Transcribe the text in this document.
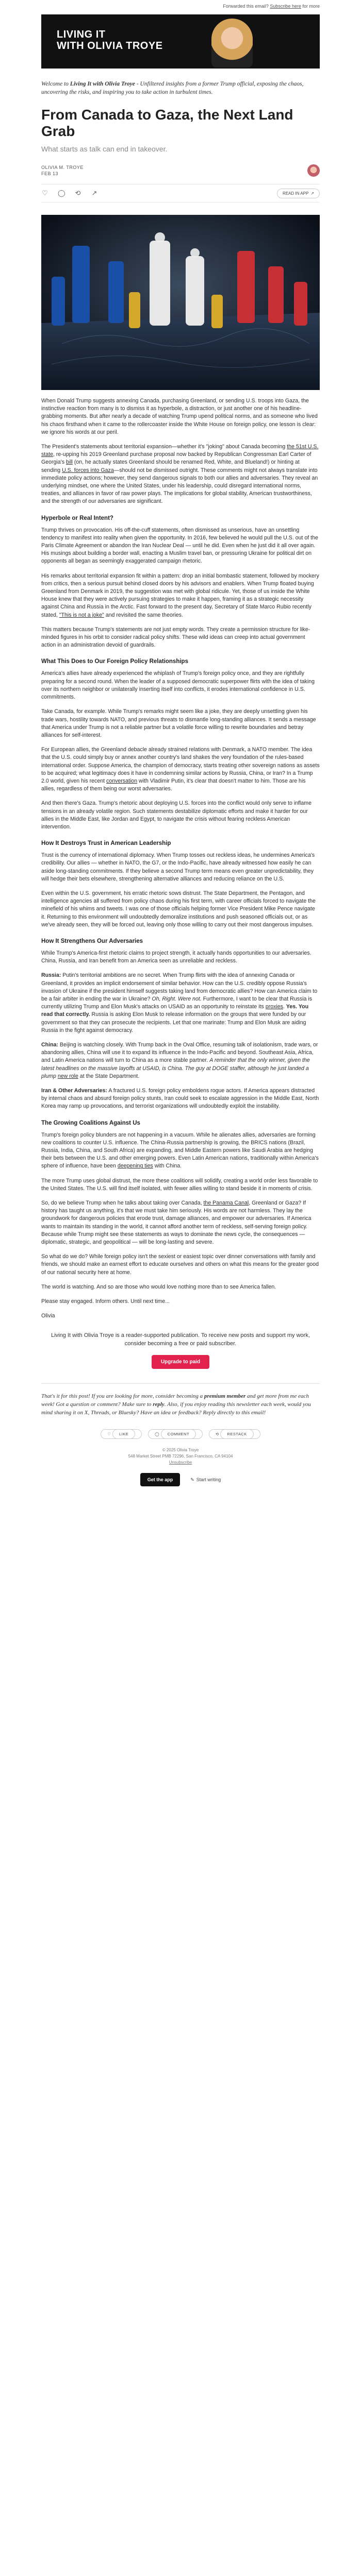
Forwarded this email?
Subscribe here
for more
LIVING IT
WITH OLIVIA TROYE

Welcome to Living It with Olivia Troye - Unfiltered insights from a former Trump official, exposing the chaos, uncovering the risks, and inspiring you to take action in turbulent times.

From Canada to Gaza, the Next Land Grab
What starts as talk can end in takeover.
OLIVIA M. TROYE
FEB 13
♡ ◯ ⟲ ↗	READ IN APP ↗

When Donald Trump suggests annexing Canada, purchasing Greenland, or sending U.S. troops into Gaza, the instinctive reaction from many is to dismiss it as hyperbole, a distraction, or just another one of his headline-grabbing moments. But after nearly a decade of watching Trump upend political norms, and as someone who lived his chaos firsthand when it came to the rollercoaster inside the White House on foreign policy, one lesson is clear: we ignore his words at our peril.

The President's statements about territorial expansion—whether it's "joking" about Canada becoming the 51st U.S. state, re-upping his 2019 Greenland purchase proposal now backed by Republican Congressman Earl Carter of Georgia's bill (on, he actually states Greenland should be renamed Red, White, and Blueland!) or hinting at sending U.S. forces into Gaza—should not be dismissed outright. These comments might not always translate into immediate policy actions; however, they send dangerous signals to both our allies and adversaries. They reveal an underlying mindset, one where the United States, under his leadership, could disregard international norms, treaties, and alliances in favor of raw power plays. The implications for global stability, American trustworthiness, and the strength of our adversaries are significant.

Hyperbole or Real Intent?

Trump thrives on provocation. His off-the-cuff statements, often dismissed as unserious, have an unsettling tendency to manifest into reality when given the opportunity. In 2016, few believed he would pull the U.S. out of the Paris Climate Agreement or abandon the Iran Nuclear Deal — until he did. Even when he just did it all over again. His musings about building a border wall, enacting a Muslim travel ban, or pressuring Ukraine for political dirt on opponents all began as seemingly exaggerated campaign rhetoric.

His remarks about territorial expansion fit within a pattern: drop an initial bombastic statement, followed by mockery from critics, then a serious pursuit behind closed doors by his advisors and enablers. When Trump floated buying Greenland from Denmark in 2019, the suggestion was met with global ridicule. Yet, those of us inside the White House knew that they were actively pursuing strategies to make it happen, framing it as a strategic necessity against China and Russia in the Arctic. Fast forward to the present day, Secretary of State Marco Rubio recently stated, "This is not a joke" and revisited the same theories.

This matters because Trump's statements are not just empty words. They create a permission structure for like-minded figures in his orbit to consider radical policy shifts. These wild ideas can creep into actual government action in an administration devoid of guardrails.

What This Does to Our Foreign Policy Relationships

America's allies have already experienced the whiplash of Trump's foreign policy once, and they are rightfully preparing for a second round. When the leader of a supposed democratic superpower flirts with the idea of taking over its northern neighbor or unilaterally inserting itself into conflicts, it erodes international confidence in U.S. commitments.

Take Canada, for example. While Trump's remarks might seem like a joke, they are deeply unsettling given his trade wars, hostility towards NATO, and previous threats to dismantle long-standing alliances. It sends a message that America under Trump is not a reliable partner but a volatile force willing to rewrite boundaries and betray alliances for self-interest.

For European allies, the Greenland debacle already strained relations with Denmark, a NATO member. The idea that the U.S. could simply buy or annex another country's land shakes the very foundation of the rules-based international order. Suppose America, the champion of democracy, starts treating other sovereign nations as assets to be acquired; what legitimacy does it have in condemning similar actions by Russia, China, or Iran? In a Trump 2.0 world, given his recent conversation with Vladimir Putin, it's clear that doesn't matter to him. Those are his allies, regardless of them being our worst adversaries.

And then there's Gaza. Trump's rhetoric about deploying U.S. forces into the conflict would only serve to inflame tensions in an already volatile region. Such statements destabilize diplomatic efforts and make it harder for our allies in the Middle East, like Jordan and Egypt, to navigate the crisis without fearing reckless American intervention.

How It Destroys Trust in American Leadership

Trust is the currency of international diplomacy. When Trump tosses out reckless ideas, he undermines America's credibility. Our allies — whether in NATO, the G7, or the Indo-Pacific, have already witnessed how easily he can aside long-standing commitments. If they believe a second Trump term means even greater unpredictability, they will hedge their bets elsewhere, strengthening alternative alliances and reducing reliance on the U.S.

Even within the U.S. government, his erratic rhetoric sows distrust. The State Department, the Pentagon, and intelligence agencies all suffered from policy chaos during his first term, with career officials forced to navigate the minefield of his whims and tweets. I was one of those officials helping former Vice President Mike Pence navigate it. Returning to this environment will undoubtedly demoralize institutions and push seasoned officials out, or as we've already seen, they will be forced out, leaving only those willing to carry out their most dangerous impulses.

How It Strengthens Our Adversaries

While Trump's America-first rhetoric claims to project strength, it actually hands opportunities to our adversaries. China, Russia, and Iran benefit from an America seen as unreliable and reckless.

Russia: Putin's territorial ambitions are no secret. When Trump flirts with the idea of annexing Canada or Greenland, it provides an implicit endorsement of similar behavior. How can the U.S. credibly oppose Russia's invasion of Ukraine if the president himself suggests taking land from democratic allies? How can America claim to be a fair arbiter in ending the war in Ukraine? Oh, Right. Were not. Furthermore, I want to be clear that Russia is currently utilizing Trump and Elon Musk's attacks on USAID as an opportunity to reinstate its proxies. Yes. You read that correctly. Russia is asking Elon Musk to release information on the groups that were funded by our government so that they can prosecute the recipients. Let that one marinate: Trump and Elon Musk are aiding Russia in the fight against democracy.

China: Beijing is watching closely. With Trump back in the Oval Office, resuming talk of isolationism, trade wars, or abandoning allies, China will use it to expand its influence in the Indo-Pacific and beyond. Southeast Asia, Africa, and Latin America nations will turn to China as a more stable partner. A reminder that the only winner, given the latest headlines on the massive layoffs at USAID, is China. The guy at DOGE staffer, although he just landed a plump new role at the State Department.

Iran & Other Adversaries: A fractured U.S. foreign policy emboldens rogue actors. If America appears distracted by internal chaos and absurd foreign policy stunts, Iran could seek to escalate aggression in the Middle East, North Korea may ramp up provocations, and terrorist organizations will undoubtedly exploit the instability.

The Growing Coalitions Against Us

Trump's foreign policy blunders are not happening in a vacuum. While he alienates allies, adversaries are forming new coalitions to counter U.S. influence. The China-Russia partnership is growing, the BRICS nations (Brazil, Russia, India, China, and South Africa) are expanding, and Middle Eastern powers like Saudi Arabia are hedging their bets between the U.S. and other emerging powers. Even Latin American nations, traditionally within America's sphere of influence, have been deepening ties with China.

The more Trump uses global distrust, the more these coalitions will solidify, creating a world order less favorable to the United States. The U.S. will find itself isolated, with fewer allies willing to stand beside it in moments of crisis.

So, do we believe Trump when he talks about taking over Canada, the Panama Canal, Greenland or Gaza? If history has taught us anything, it's that we must take him seriously. His words are not harmless. They lay the groundwork for dangerous policies that erode trust, damage alliances, and empower our adversaries. If America wants to maintain its standing in the world, it cannot afford another term of reckless, self-serving foreign policy. Because while Trump might see these statements as ways to dominate the news cycle, the consequences — diplomatic, strategic, and geopolitical — will be long-lasting and severe.

So what do we do? While foreign policy isn't the sexiest or easiest topic over dinner conversations with family and friends, we should make an earnest effort to educate ourselves and others on what this means for the greater good of our national security here at home.

The world is watching. And so are those who would love nothing more than to see America fallen.

Please stay engaged. Inform others. Until next time...

Olivia

Living It with Olivia Troye is a reader-supported publication. To receive new posts and support my work, consider becoming a free or paid subscriber.

Upgrade to paid

That's it for this post! If you are looking for more, consider becoming a premium member and get more from me each week! Got a question or comment? Make sure to reply. Also, if you enjoy reading this newsletter each week, would you mind sharing it on X, Threads, or Bluesky? Have an idea or feedback? Reply directly to this email!

♡ LIKE	◯ COMMENT	⟲ RESTACK
© 2025 Olivia Troye
548 Market Street PMB 72296, San Francisco, CA 94104
Unsubscribe
Get the app	✎ Start writing
